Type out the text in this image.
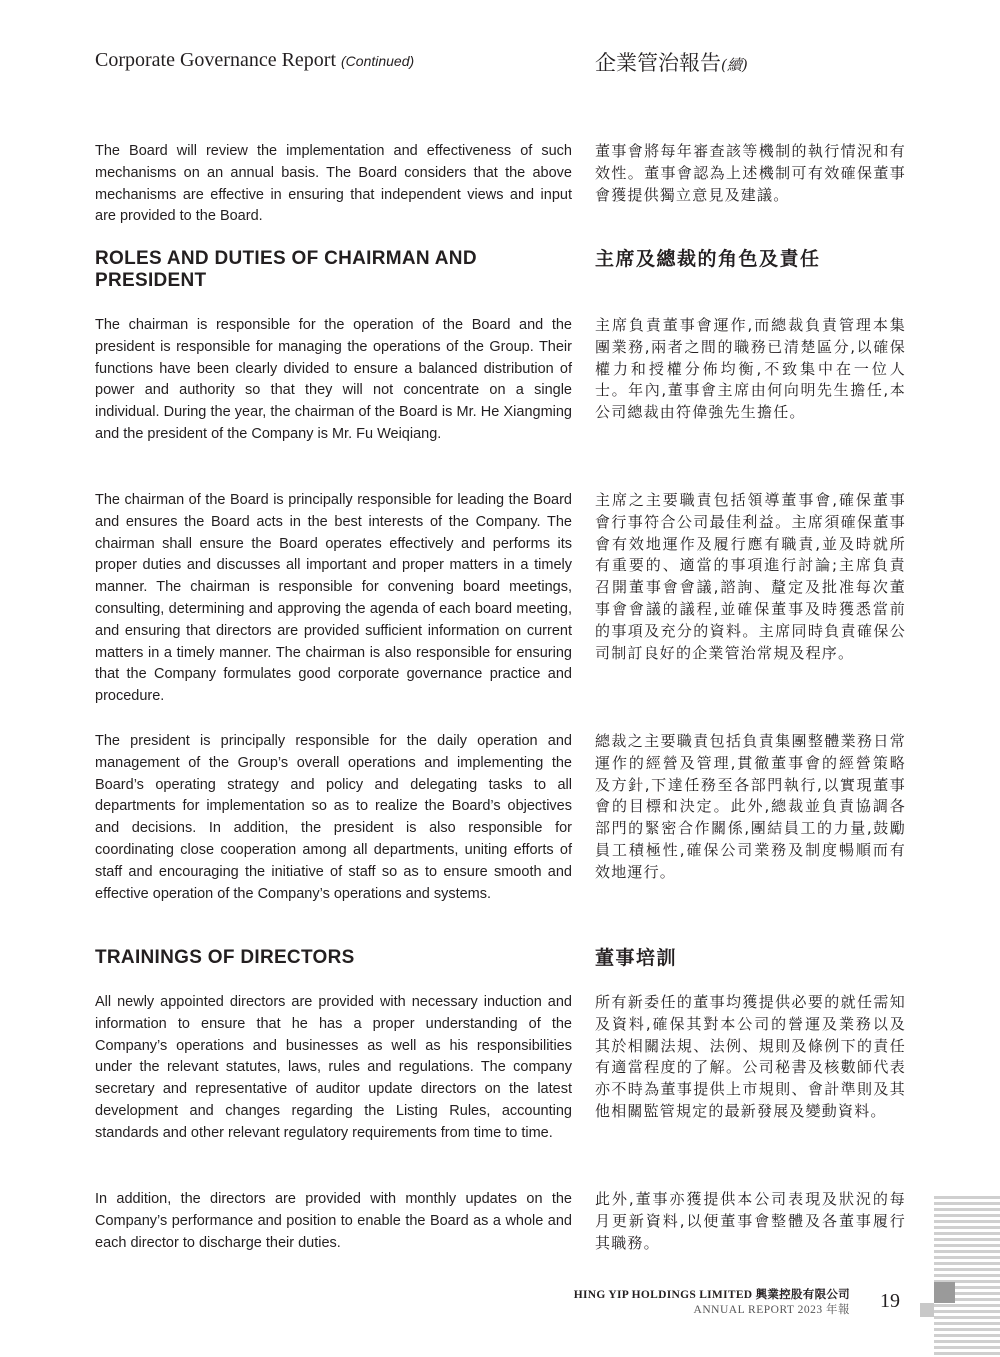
Corporate Governance Report (Continued)	企業管治報告(續)

The Board will review the implementation and effectiveness of such mechanisms on an annual basis. The Board considers that the above mechanisms are effective in ensuring that independent views and input are provided to the Board.

董事會將每年審查該等機制的執行情況和有效性。董事會認為上述機制可有效確保董事會獲提供獨立意見及建議。

ROLES AND DUTIES OF CHAIRMAN AND PRESIDENT
主席及總裁的角色及責任

The chairman is responsible for the operation of the Board and the president is responsible for managing the operations of the Group. Their functions have been clearly divided to ensure a balanced distribution of power and authority so that they will not concentrate on a single individual. During the year, the chairman of the Board is Mr. He Xiangming and the president of the Company is Mr. Fu Weiqiang.

主席負責董事會運作,而總裁負責管理本集團業務,兩者之間的職務已清楚區分,以確保權力和授權分佈均衡,不致集中在一位人士。年內,董事會主席由何向明先生擔任,本公司總裁由符偉強先生擔任。

The chairman of the Board is principally responsible for leading the Board and ensures the Board acts in the best interests of the Company. The chairman shall ensure the Board operates effectively and performs its proper duties and discusses all important and proper matters in a timely manner. The chairman is responsible for convening board meetings, consulting, determining and approving the agenda of each board meeting, and ensuring that directors are provided sufficient information on current matters in a timely manner. The chairman is also responsible for ensuring that the Company formulates good corporate governance practice and procedure.

主席之主要職責包括領導董事會,確保董事會行事符合公司最佳利益。主席須確保董事會有效地運作及履行應有職責,並及時就所有重要的、適當的事項進行討論;主席負責召開董事會會議,諮詢、釐定及批准每次董事會會議的議程,並確保董事及時獲悉當前的事項及充分的資料。主席同時負責確保公司制訂良好的企業管治常規及程序。

The president is principally responsible for the daily operation and management of the Group’s overall operations and implementing the Board’s operating strategy and policy and delegating tasks to all departments for implementation so as to realize the Board’s objectives and decisions. In addition, the president is also responsible for coordinating close cooperation among all departments, uniting efforts of staff and encouraging the initiative of staff so as to ensure smooth and effective operation of the Company’s operations and systems.

總裁之主要職責包括負責集團整體業務日常運作的經營及管理,貫徹董事會的經營策略及方針,下達任務至各部門執行,以實現董事會的目標和決定。此外,總裁並負責協調各部門的緊密合作關係,團結員工的力量,鼓勵員工積極性,確保公司業務及制度暢順而有效地運行。

TRAININGS OF DIRECTORS	董事培訓

All newly appointed directors are provided with necessary induction and information to ensure that he has a proper understanding of the Company’s operations and businesses as well as his responsibilities under the relevant statutes, laws, rules and regulations. The company secretary and representative of auditor update directors on the latest development and changes regarding the Listing Rules, accounting standards and other relevant regulatory requirements from time to time.

所有新委任的董事均獲提供必要的就任需知及資料,確保其對本公司的營運及業務以及其於相關法規、法例、規則及條例下的責任有適當程度的了解。公司秘書及核數師代表亦不時為董事提供上市規則、會計準則及其他相關監管規定的最新發展及變動資料。

In addition, the directors are provided with monthly updates on the Company’s performance and position to enable the Board as a whole and each director to discharge their duties.

此外,董事亦獲提供本公司表現及狀況的每月更新資料,以便董事會整體及各董事履行其職務。

HING YIP HOLDINGS LIMITED 興業控股有限公司
ANNUAL REPORT 2023 年報 19
